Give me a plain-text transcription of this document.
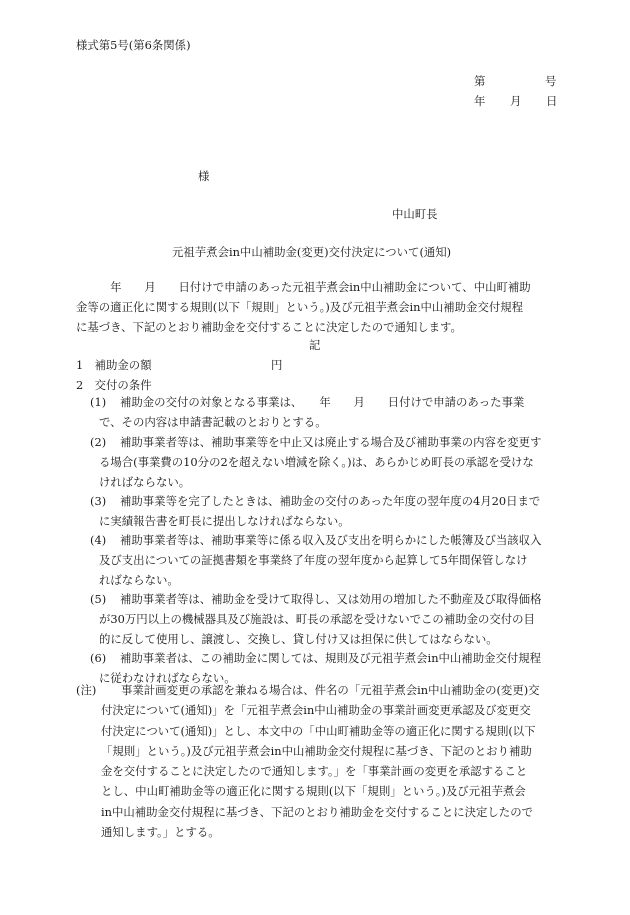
様式第5号(第6条関係)
第	号
年 月 日
様
中山町長
元祖芋煮会in中山補助金(変更)交付決定について(通知)
　　　年　　月　　日付けで申請のあった元祖芋煮会in中山補助金について、中山町補助
金等の適正化に関する規則(以下「規則」という。)及び元祖芋煮会in中山補助金交付規程
に基づき、下記のとおり補助金を交付することに決定したので通知します。
記
1　補助金の額	円
2　交付の条件
(1)	補助金の交付の対象となる事業は、　　年　　月　　日付けで申請のあった事業
で、その内容は申請書記載のとおりとする。
(2)	補助事業者等は、補助事業等を中止又は廃止する場合及び補助事業の内容を変更す
る場合(事業費の10分の2を超えない増減を除く。)は、あらかじめ町長の承認を受けな
ければならない。
(3)	補助事業等を完了したときは、補助金の交付のあった年度の翌年度の4月20日まで
に実績報告書を町長に提出しなければならない。
(4)	補助事業者等は、補助事業等に係る収入及び支出を明らかにした帳簿及び当該収入
及び支出についての証拠書類を事業終了年度の翌年度から起算して5年間保管しなけ
ればならない。
(5)	補助事業者等は、補助金を受けて取得し、又は効用の増加した不動産及び取得価格
が30万円以上の機械器具及び施設は、町長の承認を受けないでこの補助金の交付の目
的に反して使用し、譲渡し、交換し、貸し付け又は担保に供してはならない。
(6)	補助事業者は、この補助金に関しては、規則及び元祖芋煮会in中山補助金交付規程
に従わなければならない。
(注)	事業計画変更の承認を兼ねる場合は、件名の「元祖芋煮会in中山補助金の(変更)交
付決定について(通知)」を「元祖芋煮会in中山補助金の事業計画変更承認及び変更交
付決定について(通知)」とし、本文中の「中山町補助金等の適正化に関する規則(以下
「規則」という。)及び元祖芋煮会in中山補助金交付規程に基づき、下記のとおり補助
金を交付することに決定したので通知します。」を「事業計画の変更を承認すること
とし、中山町補助金等の適正化に関する規則(以下「規則」という。)及び元祖芋煮会
in中山補助金交付規程に基づき、下記のとおり補助金を交付することに決定したので
通知します。」とする。
